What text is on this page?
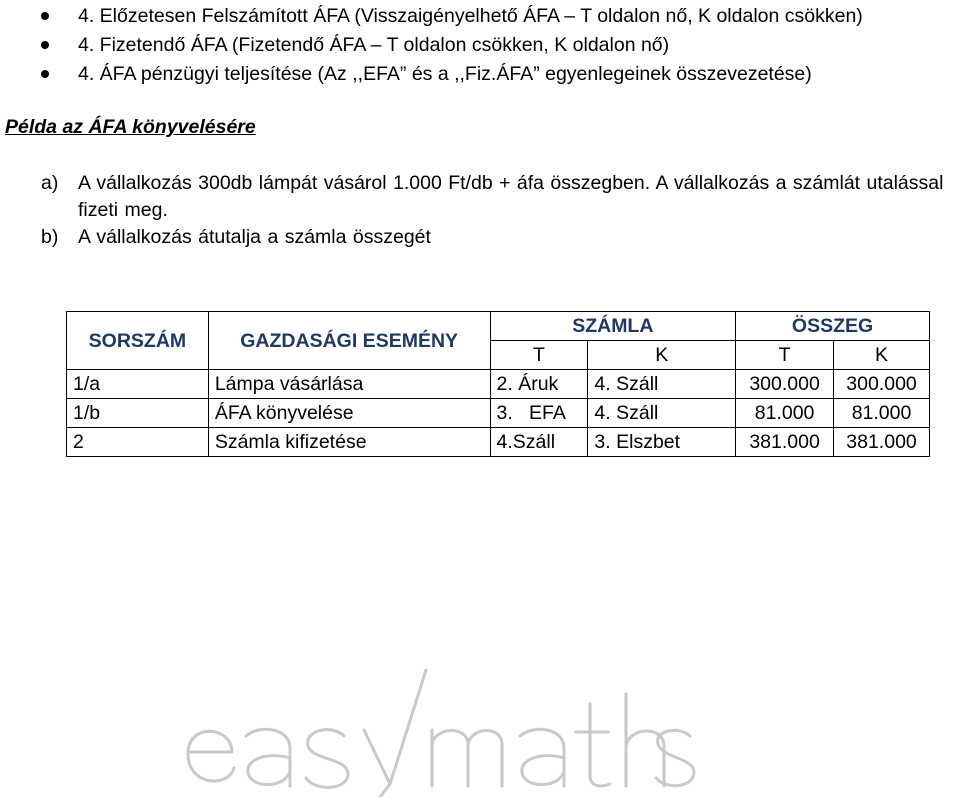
4. Előzetesen Felszámított ÁFA (Visszaigényelhető ÁFA – T oldalon nő, K oldalon csökken)
4. Fizetendő ÁFA (Fizetendő ÁFA – T oldalon csökken, K oldalon nő)
4. ÁFA pénzügyi teljesítése (Az ,,EFA” és a ,,Fiz.ÁFA” egyenlegeinek összevezetése)
Példa az ÁFA könyvelésére
a) A vállalkozás 300db lámpát vásárol 1.000 Ft/db + áfa összegben. A vállalkozás a számlát utalással fizeti meg.
b) A vállalkozás átutalja a számla összegét
SORSZÁM	GAZDASÁGI ESEMÉNY	SZÁMLA		ÖSSZEG	
		T	K	T	K
1/a	Lámpa vásárlása	2. Áruk	4. Száll	300.000	300.000
1/b	ÁFA könyvelése	3.   EFA	4. Száll	81.000	81.000
2	Számla kifizetése	4.Száll	3. Elszbet	381.000	381.000
easymaths
